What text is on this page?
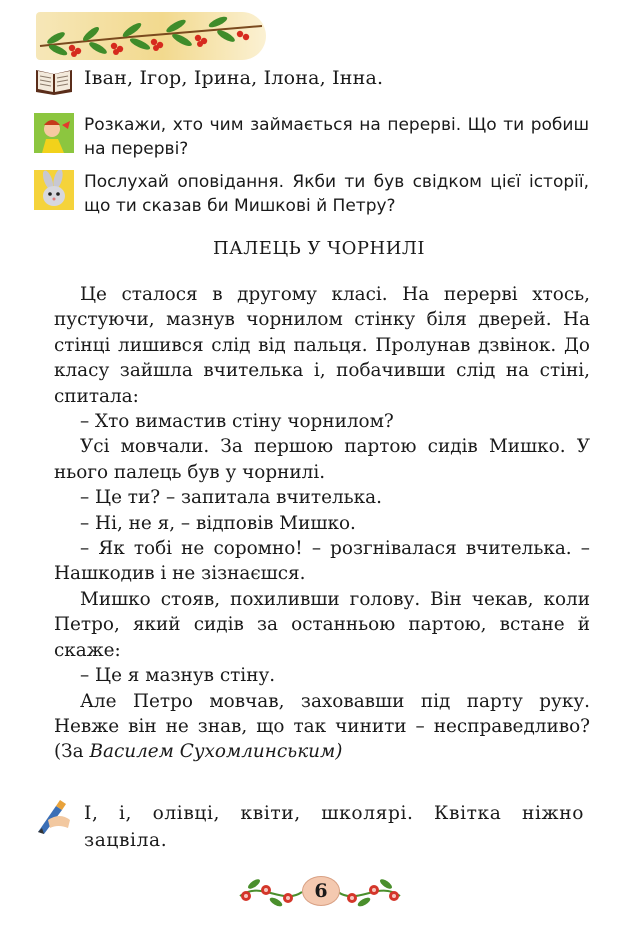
Іван, Ігор, Ірина, Ілона, Інна.
Розкажи, хто чим займається на перерві. Що ти робиш на перерві?
Послухай оповідання. Якби ти був свідком цієї історії, що ти сказав би Мишкові й Петру?
ПАЛЕЦЬ У ЧОРНИЛІ

Це сталося в другому класі. На перерві хтось, пустуючи, мазнув чорнилом стінку біля дверей. На стінці лишився слід від пальця. Пролунав дзвінок. До класу зайшла вчителька і, побачивши слід на стіні, спитала:

– Хто вимастив стіну чорнилом?

Усі мовчали. За першою партою сидів Мишко. У нього палець був у чорнилі.

– Це ти? – запитала вчителька.

– Ні, не я, – відповів Мишко.

– Як тобі не соромно! – розгнівалася вчителька. – Нашкодив і не зізнаєшся.

Мишко стояв, похиливши голову. Він чекав, коли Петро, який сидів за останньою партою, встане й скаже:

– Це я мазнув стіну.

Але Петро мовчав, заховавши під парту руку. Невже він не знав, що так чинити – несправедливо? (За Василем Сухомлинським)

І, і, олівці, квіти, школярі. Квітка ніжно зацвіла.
6
